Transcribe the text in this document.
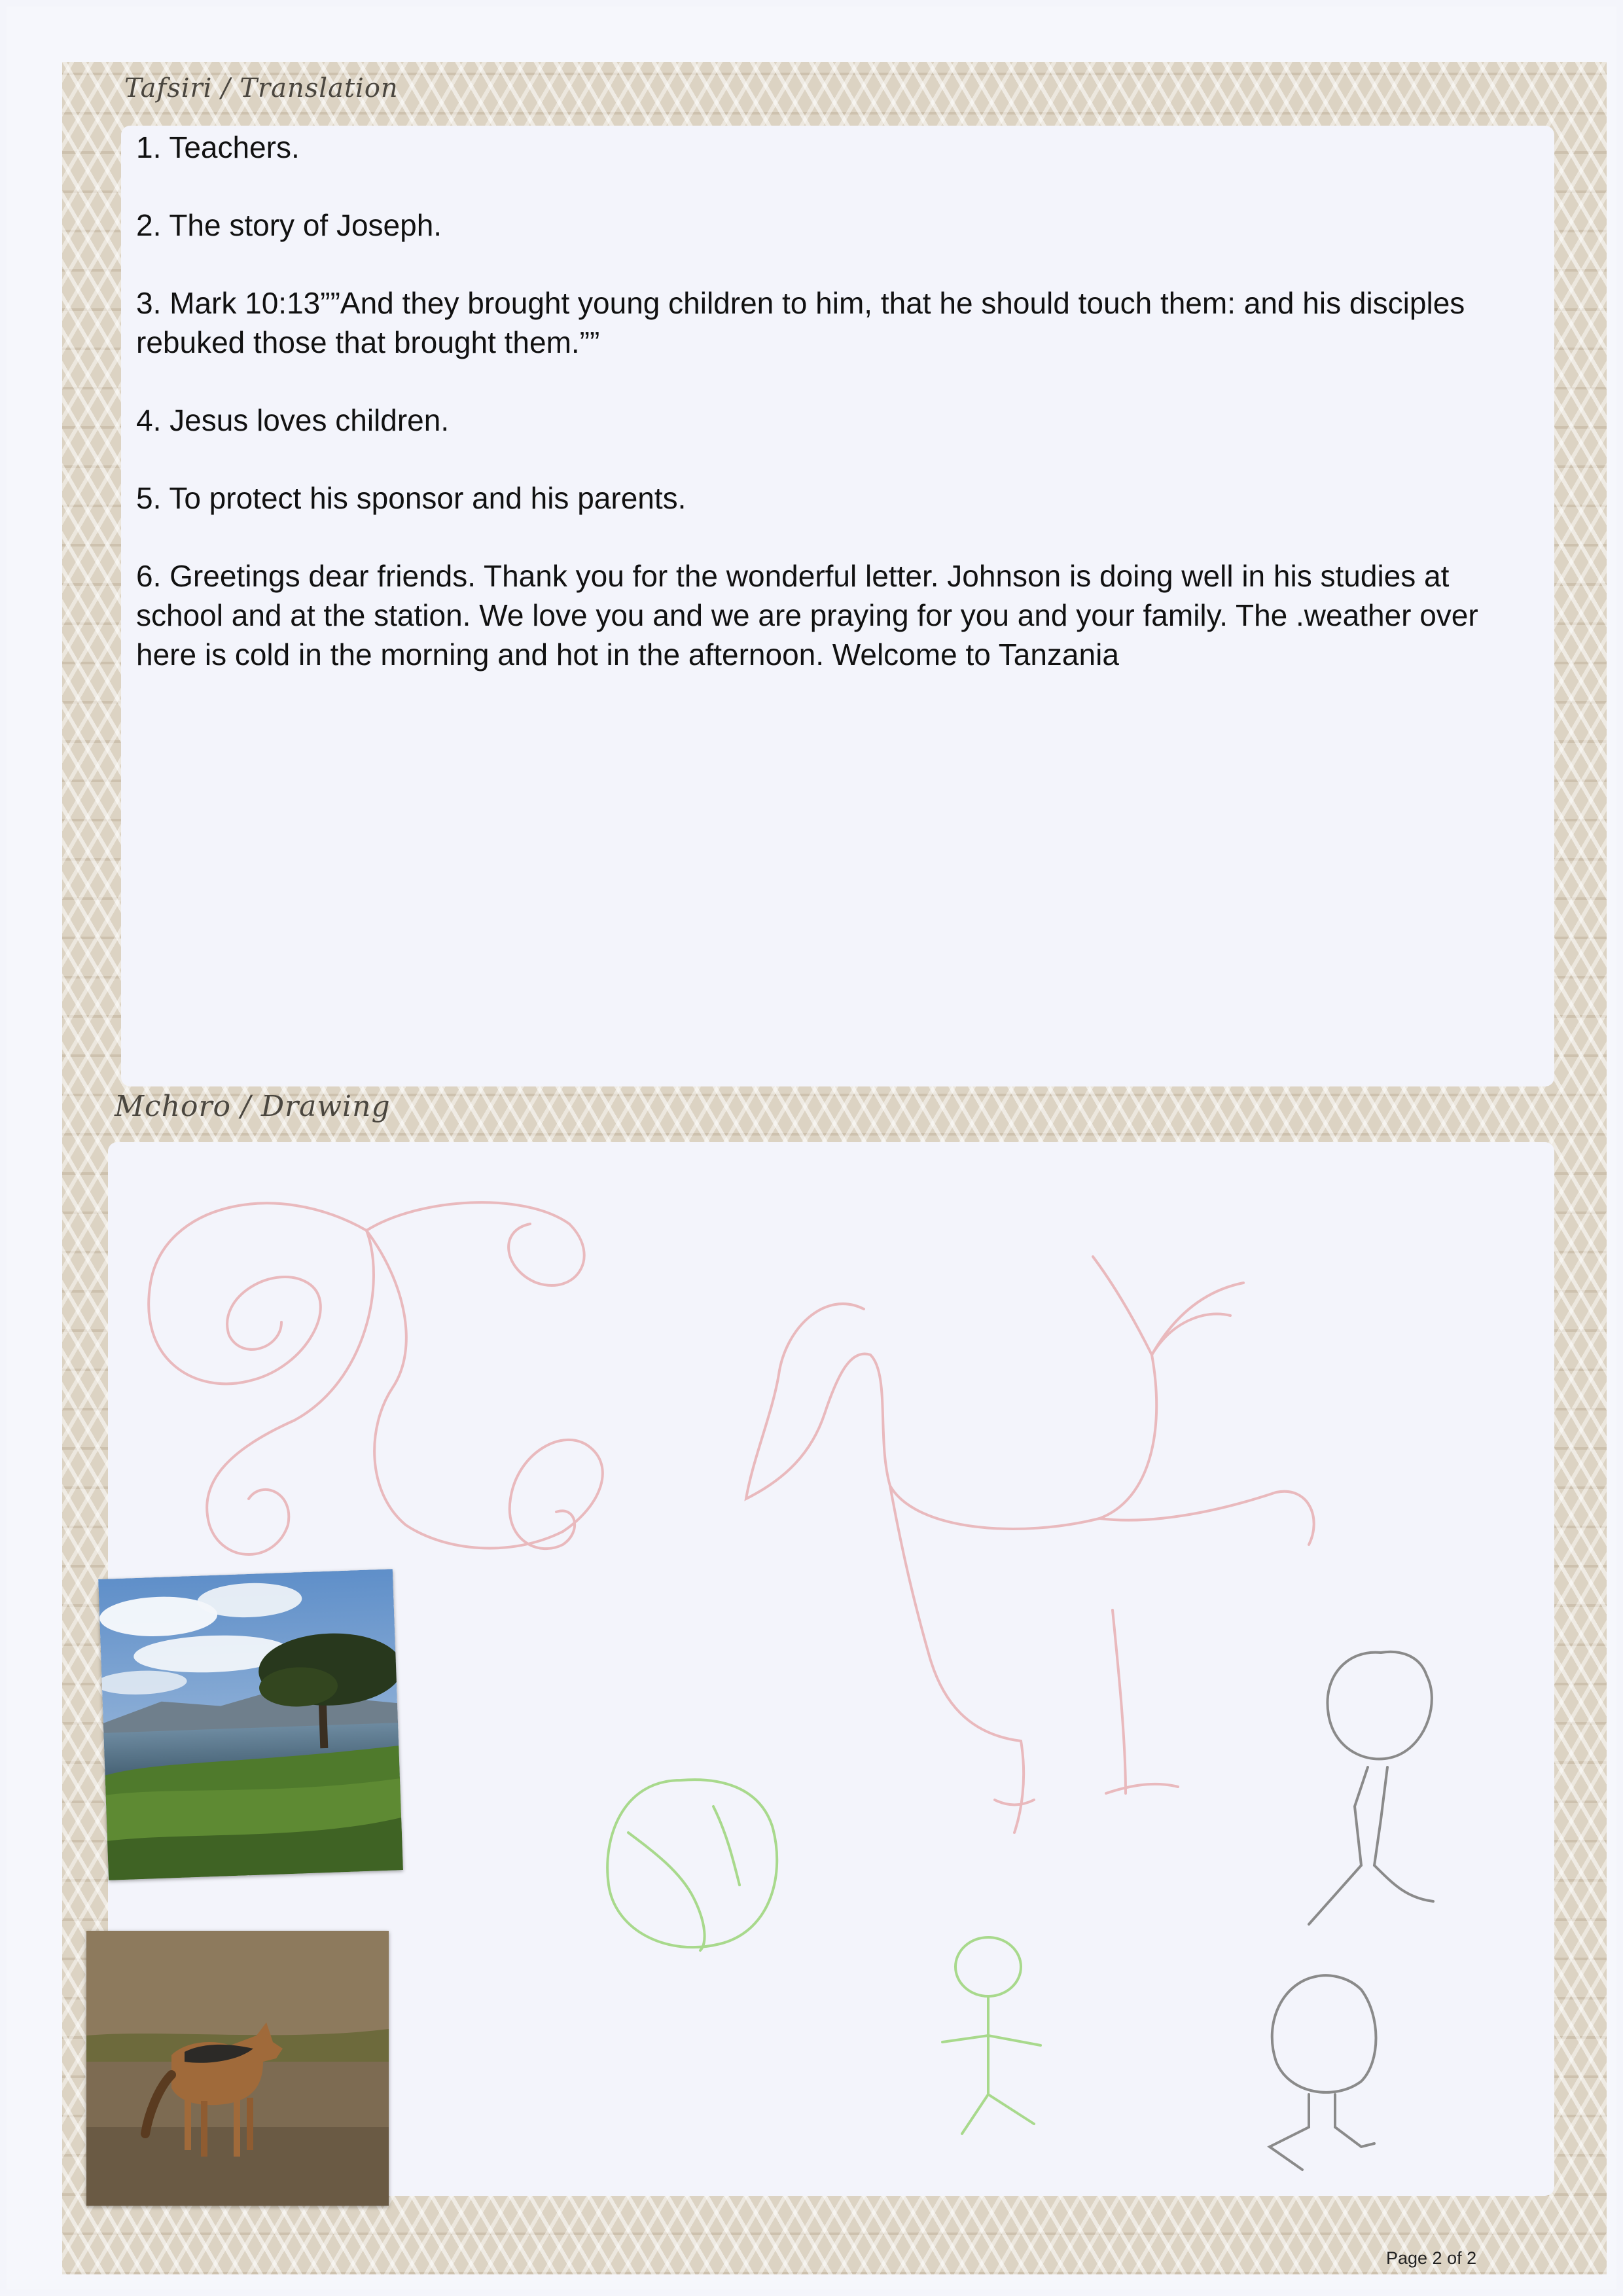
Tafsiri / Translation
Mchoro / Drawing

1. Teachers.

2. The story of Joseph.

3. Mark 10:13””And they brought young children to him, that he should touch them: and his disciples rebuked those that brought them.””

4. Jesus loves children.

5. To protect his sponsor and his parents.

6. Greetings dear friends. Thank you for the wonderful letter. Johnson is doing well in his studies at school and at the station. We love you and we are praying for you and your family. The .weather over here is cold in the morning and hot in the afternoon. Welcome to Tanzania

Page 2 of 2
